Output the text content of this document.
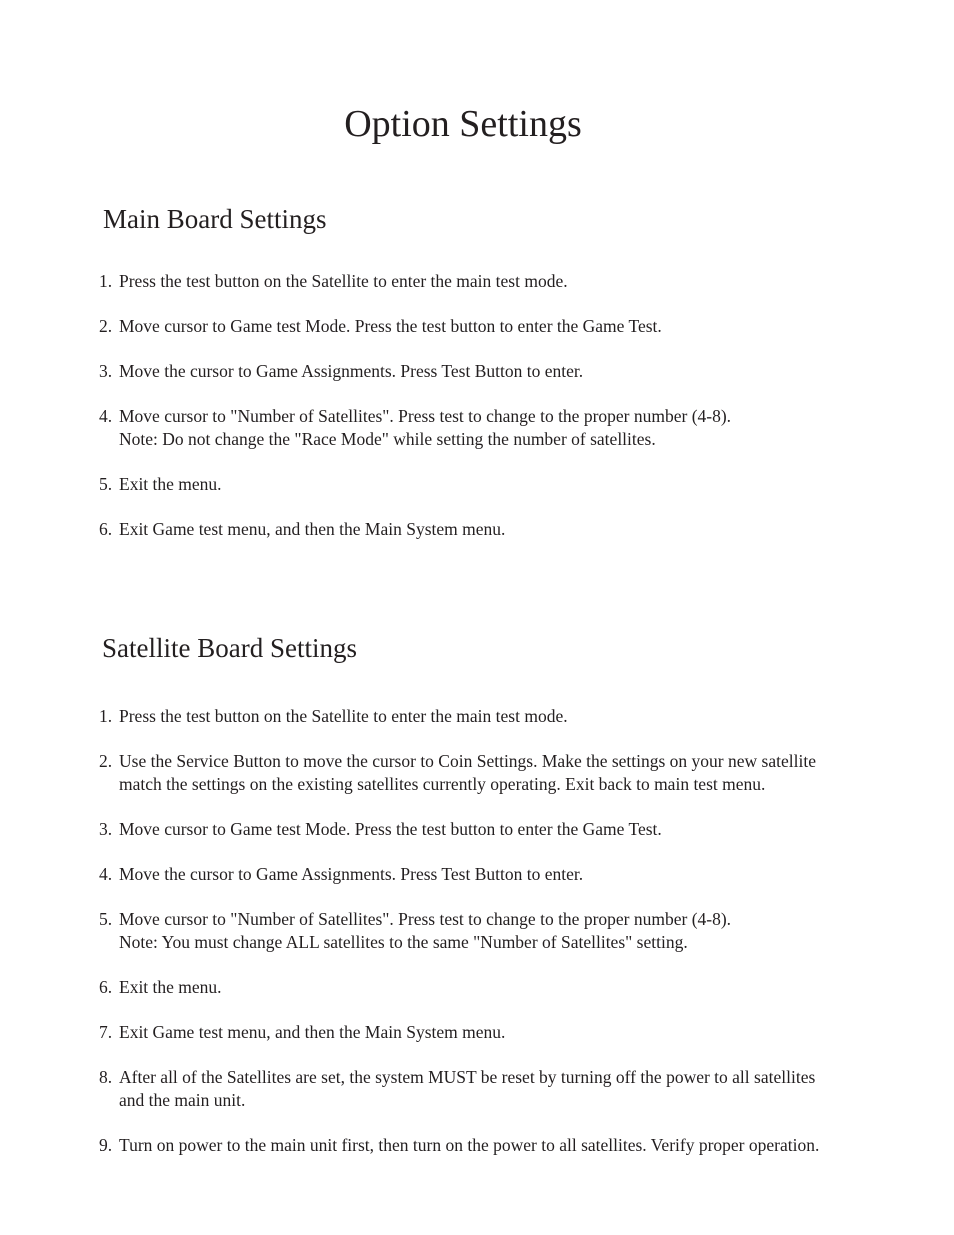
Option Settings
Main Board Settings
1. Press the test button on the Satellite to enter the main test mode.
2. Move cursor to Game test Mode. Press the test button to enter the Game Test.
3. Move the cursor to Game Assignments. Press Test Button to enter.
4. Move cursor to "Number of Satellites". Press test to change to the proper number (4-8).
Note: Do not change the "Race Mode" while setting the number of satellites.
5. Exit the menu.
6. Exit Game test menu, and then the Main System menu.
Satellite Board Settings
1. Press the test button on the Satellite to enter the main test mode.
2. Use the Service Button to move the cursor to Coin Settings. Make the settings on your new satellite
match the settings on the existing satellites currently operating. Exit back to main test menu.
3. Move cursor to Game test Mode. Press the test button to enter the Game Test.
4. Move the cursor to Game Assignments. Press Test Button to enter.
5. Move cursor to "Number of Satellites". Press test to change to the proper number (4-8).
Note: You must change ALL satellites to the same "Number of Satellites" setting.
6. Exit the menu.
7. Exit Game test menu, and then the Main System menu.
8. After all of the Satellites are set, the system MUST be reset by turning off the power to all satellites
and the main unit.
9. Turn on power to the main unit first, then turn on the power to all satellites. Verify proper operation.
